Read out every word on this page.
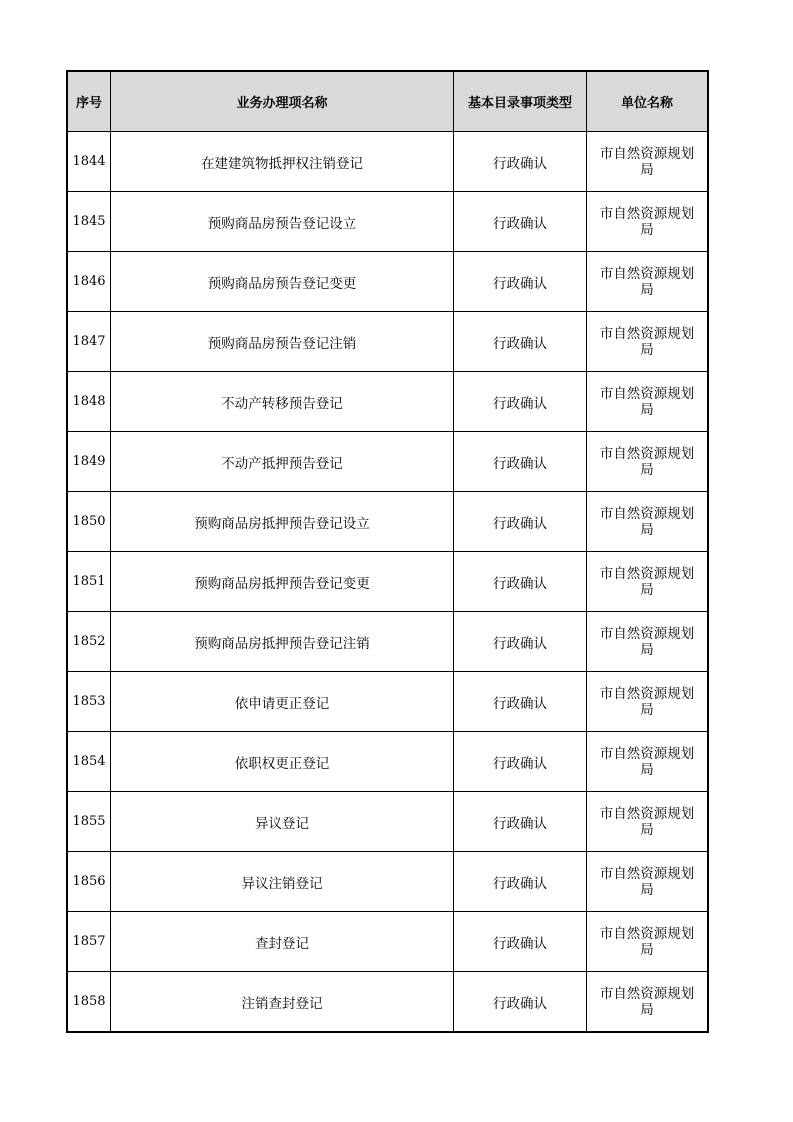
序号	业务办理项名称	基本目录事项类型	单位名称
1844	在建建筑物抵押权注销登记	行政确认	市自然资源规划局
1845	预购商品房预告登记设立	行政确认	市自然资源规划局
1846	预购商品房预告登记变更	行政确认	市自然资源规划局
1847	预购商品房预告登记注销	行政确认	市自然资源规划局
1848	不动产转移预告登记	行政确认	市自然资源规划局
1849	不动产抵押预告登记	行政确认	市自然资源规划局
1850	预购商品房抵押预告登记设立	行政确认	市自然资源规划局
1851	预购商品房抵押预告登记变更	行政确认	市自然资源规划局
1852	预购商品房抵押预告登记注销	行政确认	市自然资源规划局
1853	依申请更正登记	行政确认	市自然资源规划局
1854	依职权更正登记	行政确认	市自然资源规划局
1855	异议登记	行政确认	市自然资源规划局
1856	异议注销登记	行政确认	市自然资源规划局
1857	查封登记	行政确认	市自然资源规划局
1858	注销查封登记	行政确认	市自然资源规划局
